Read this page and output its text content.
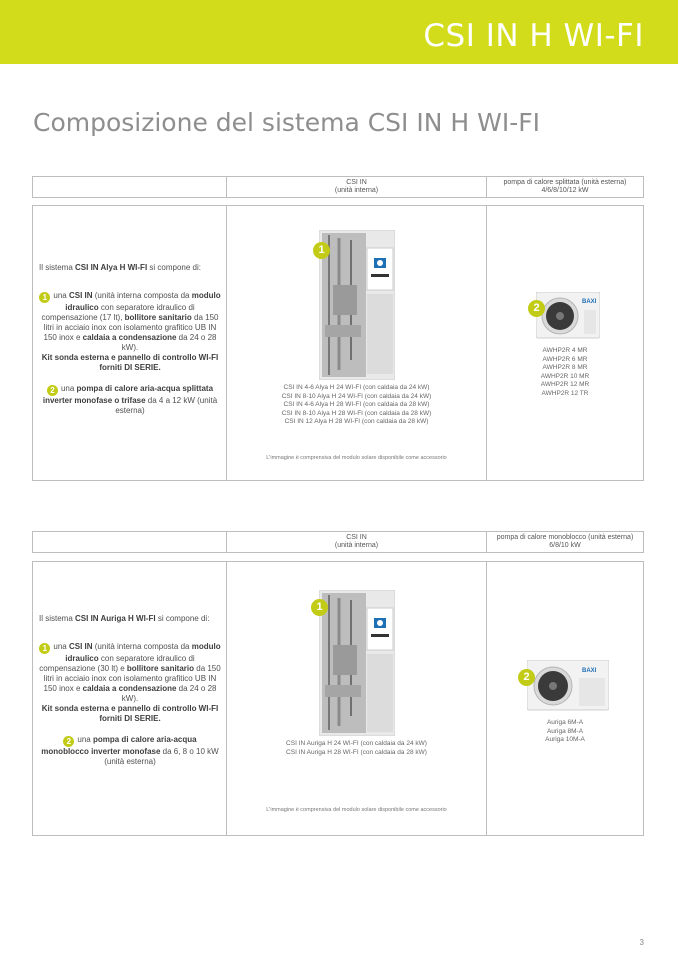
CSI IN H WI-FI
Composizione del sistema CSI IN H WI-FI
CSI IN
(unità interna)
pompa di calore splittata (unità esterna)
4/6/8/10/12 kW

Il sistema CSI IN Alya H WI-FI si compone di:

1 una CSI IN (unità interna composta da modulo idraulico con separatore idraulico di compensazione (17 lt), bollitore sanitario da 150 litri in acciaio inox con isolamento grafitico UB IN 150 inox e caldaia a condensazione da 24 o 28 kW).
Kit sonda esterna e pannello di controllo WI-FI forniti DI SERIE.

2 una pompa di calore aria-acqua splittata inverter monofase o trifase da 4 a 12 kW (unità esterna)

1
CSI IN 4-6 Alya H 24 WI-FI (con caldaia da 24 kW)
CSI IN 8-10 Alya H 24 WI-FI (con caldaia da 24 kW)
CSI IN 4-6 Alya H 28 WI-FI (con caldaia da 28 kW)
CSI IN 8-10 Alya H 28 WI-FI (con caldaia da 28 kW)
CSI IN 12 Alya H 28 WI-FI (con caldaia da 28 kW)
L'immagine è comprensiva del modulo solare disponibile come accessorio
BAXI
2
AWHP2R 4 MR
AWHP2R 6 MR
AWHP2R 8 MR
AWHP2R 10 MR
AWHP2R 12 MR
AWHP2R 12 TR
CSI IN
(unità interna)
pompa di calore monoblocco (unità esterna)
6/8/10 kW

Il sistema CSI IN Auriga H WI-FI si compone di:

1 una CSI IN (unità interna composta da modulo idraulico con separatore idraulico di compensazione (30 lt) e bollitore sanitario da 150 litri in acciaio inox con isolamento grafitico UB IN 150 inox e caldaia a condensazione da 24 o 28 kW).
Kit sonda esterna e pannello di controllo WI-FI forniti DI SERIE.

2 una pompa di calore aria-acqua monoblocco inverter monofase da 6, 8 o 10 kW (unità esterna)

1
CSI IN Auriga H 24 WI-FI (con caldaia da 24 kW)
CSI IN Auriga H 28 WI-FI (con caldaia da 28 kW)
L'immagine è comprensiva del modulo solare disponibile come accessorio
BAXI
2
Auriga 6M-A
Auriga 8M-A
Auriga 10M-A
3
